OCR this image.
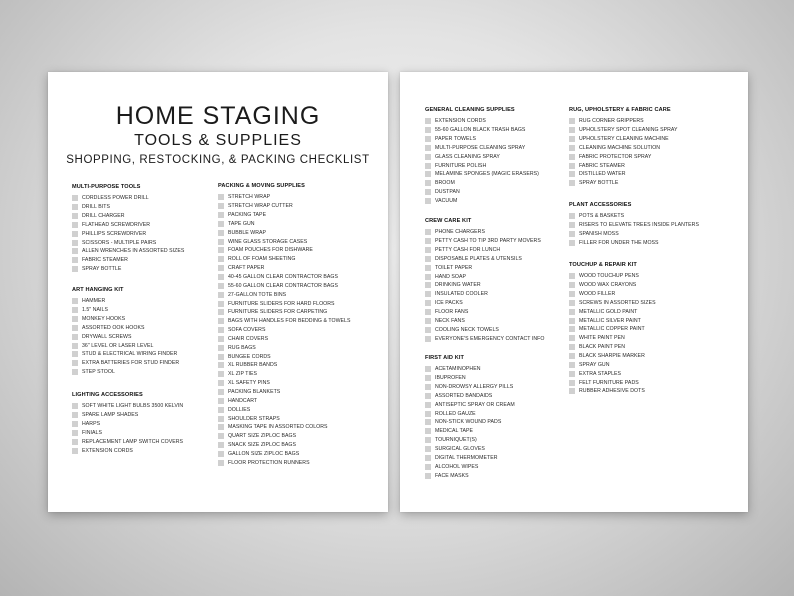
HOME STAGING
TOOLS & SUPPLIES
SHOPPING, RESTOCKING, & PACKING CHECKLIST
MULTI-PURPOSE TOOLS
CORDLESS POWER DRILL
DRILL BITS
DRILL CHARGER
FLATHEAD SCREWDRIVER
PHILLIPS SCREWDRIVER
SCISSORS - MULTIPLE PAIRS
ALLEN WRENCHES IN ASSORTED SIZES
FABRIC STEAMER
SPRAY BOTTLE
ART HANGING KIT
HAMMER
1.5" NAILS
MONKEY HOOKS
ASSORTED OOK HOOKS
DRYWALL SCREWS
36" LEVEL OR LASER LEVEL
STUD & ELECTRICAL WIRING FINDER
EXTRA BATTERIES FOR STUD FINDER
STEP STOOL
LIGHTING ACCESSORIES
SOFT WHITE LIGHT BULBS 3500 KELVIN
SPARE LAMP SHADES
HARPS
FINIALS
REPLACEMENT LAMP SWITCH COVERS
EXTENSION CORDS
PACKING & MOVING SUPPLIES
STRETCH WRAP
STRETCH WRAP CUTTER
PACKING TAPE
TAPE GUN
BUBBLE WRAP
WINE GLASS STORAGE CASES
FOAM POUCHES FOR DISHWARE
ROLL OF FOAM SHEETING
CRAFT PAPER
40-45 GALLON CLEAR CONTRACTOR BAGS
55-60 GALLON CLEAR CONTRACTOR BAGS
27-GALLON TOTE BINS
FURNITURE SLIDERS FOR HARD FLOORS
FURNITURE SLIDERS FOR CARPETING
BAGS WITH HANDLES FOR BEDDING & TOWELS
SOFA COVERS
CHAIR COVERS
RUG BAGS
BUNGEE CORDS
XL RUBBER BANDS
XL ZIP TIES
XL SAFETY PINS
PACKING BLANKETS
HANDCART
DOLLIES
SHOULDER STRAPS
MASKING TAPE IN ASSORTED COLORS
QUART SIZE ZIPLOC BAGS
SNACK SIZE ZIPLOC BAGS
GALLON SIZE ZIPLOC BAGS
FLOOR PROTECTION RUNNERS
GENERAL CLEANING SUPPLIES
EXTENSION CORDS
55-60 GALLON BLACK TRASH BAGS
PAPER TOWELS
MULTI-PURPOSE CLEANING SPRAY
GLASS CLEANING SPRAY
FURNITURE POLISH
MELAMINE SPONGES (MAGIC ERASERS)
BROOM
DUSTPAN
VACUUM
CREW CARE KIT
PHONE CHARGERS
PETTY CASH TO TIP 3RD PARTY MOVERS
PETTY CASH FOR LUNCH
DISPOSABLE PLATES & UTENSILS
TOILET PAPER
HAND SOAP
DRINKING WATER
INSULATED COOLER
ICE PACKS
FLOOR FANS
NECK FANS
COOLING NECK TOWELS
EVERYONE'S EMERGENCY CONTACT INFO
FIRST AID KIT
ACETAMINOPHEN
IBUPROFEN
NON-DROWSY ALLERGY PILLS
ASSORTED BANDAIDS
ANTISEPTIC SPRAY OR CREAM
ROLLED GAUZE
NON-STICK WOUND PADS
MEDICAL TAPE
TOURNIQUET(S)
SURGICAL GLOVES
DIGITAL THERMOMETER
ALCOHOL WIPES
FACE MASKS
RUG, UPHOLSTERY & FABRIC CARE
RUG CORNER GRIPPERS
UPHOLSTERY SPOT CLEANING SPRAY
UPHOLSTERY CLEANING MACHINE
CLEANING MACHINE SOLUTION
FABRIC PROTECTOR SPRAY
FABRIC STEAMER
DISTILLED WATER
SPRAY BOTTLE
PLANT ACCESSORIES
POTS & BASKETS
RISERS TO ELEVATE TREES INSIDE PLANTERS
SPANISH MOSS
FILLER FOR UNDER THE MOSS
TOUCHUP & REPAIR KIT
WOOD TOUCHUP PENS
WOOD WAX CRAYONS
WOOD FILLER
SCREWS IN ASSORTED SIZES
METALLIC GOLD PAINT
METALLIC SILVER PAINT
METALLIC COPPER PAINT
WHITE PAINT PEN
BLACK PAINT PEN
BLACK SHARPIE MARKER
SPRAY GUN
EXTRA STAPLES
FELT FURNITURE PADS
RUBBER ADHESIVE DOTS
